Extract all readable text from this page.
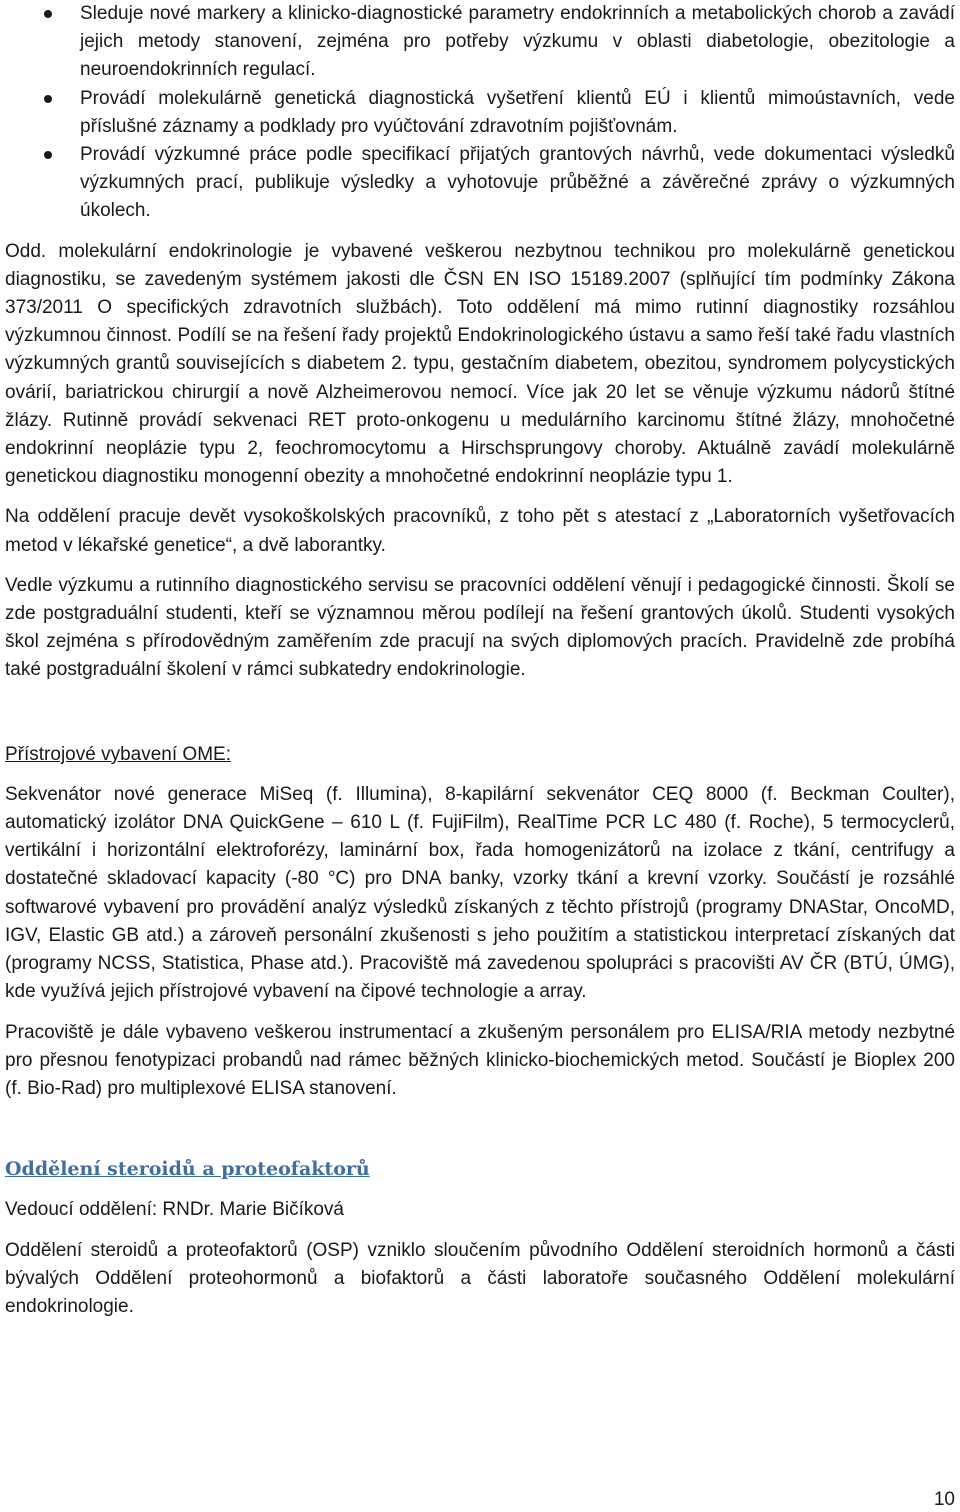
Sleduje nové markery a klinicko-diagnostické parametry endokrinních a metabolických chorob a zavádí jejich metody stanovení, zejména pro potřeby výzkumu v oblasti diabetologie, obezitologie a neuroendokrinních regulací.
Provádí molekulárně genetická diagnostická vyšetření klientů EÚ i klientů mimoústavních, vede příslušné záznamy a podklady pro vyúčtování zdravotním pojišťovnám.
Provádí výzkumné práce podle specifikací přijatých grantových návrhů, vede dokumentaci výsledků výzkumných prací, publikuje výsledky a vyhotovuje průběžné a závěrečné zprávy o výzkumných úkolech.

Odd. molekulární endokrinologie je vybavené veškerou nezbytnou technikou pro molekulárně genetickou diagnostiku, se zavedeným systémem jakosti dle ČSN EN ISO 15189.2007 (splňující tím podmínky Zákona 373/2011 O specifických zdravotních službách). Toto oddělení má mimo rutinní diagnostiky rozsáhlou výzkumnou činnost. Podílí se na řešení řady projektů Endokrinologického ústavu a samo řeší také řadu vlastních výzkumných grantů souvisejících s diabetem 2. typu, gestačním diabetem, obezitou, syndromem polycystických ovárií, bariatrickou chirurgií a nově Alzheimerovou nemocí. Více jak 20 let se věnuje výzkumu nádorů štítné žlázy. Rutinně provádí sekvenaci RET proto-onkogenu u medulárního karcinomu štítné žlázy, mnohočetné endokrinní neoplázie typu 2, feochromocytomu a Hirschsprungovy choroby. Aktuálně zavádí molekulárně genetickou diagnostiku monogenní obezity a mnohočetné endokrinní neoplázie typu 1.

Na oddělení pracuje devět vysokoškolských pracovníků, z toho pět s atestací z „Laboratorních vyšetřovacích metod v lékařské genetice“, a dvě laborantky.

Vedle výzkumu a rutinního diagnostického servisu se pracovníci oddělení věnují i pedagogické činnosti. Školí se zde postgraduální studenti, kteří se významnou měrou podílejí na řešení grantových úkolů. Studenti vysokých škol zejména s přírodovědným zaměřením zde pracují na svých diplomových pracích. Pravidelně zde probíhá také postgraduální školení v rámci subkatedry endokrinologie.

Přístrojové vybavení OME:

Sekvenátor nové generace MiSeq (f. Illumina), 8-kapilární sekvenátor CEQ 8000 (f. Beckman Coulter), automatický izolátor DNA QuickGene – 610 L (f. FujiFilm), RealTime PCR LC 480 (f. Roche), 5 termocyclerů, vertikální i horizontální elektroforézy, laminární box, řada homogenizátorů na izolace z tkání, centrifugy a dostatečné skladovací kapacity (-80 °C) pro DNA banky, vzorky tkání a krevní vzorky. Součástí je rozsáhlé softwarové vybavení pro provádění analýz výsledků získaných z těchto přístrojů (programy DNAStar, OncoMD, IGV, Elastic GB atd.) a zároveň personální zkušenosti s jeho použitím a statistickou interpretací získaných dat (programy NCSS, Statistica, Phase atd.). Pracoviště má zavedenou spolupráci s pracovišti AV ČR (BTÚ, ÚMG), kde využívá jejich přístrojové vybavení na čipové technologie a array.

Pracoviště je dále vybaveno veškerou instrumentací a zkušeným personálem pro ELISA/RIA metody nezbytné pro přesnou fenotypizaci probandů nad rámec běžných klinicko-biochemických metod. Součástí je Bioplex 200 (f. Bio-Rad) pro multiplexové ELISA stanovení.

Oddělení steroidů a proteofaktorů

Vedoucí oddělení: RNDr. Marie Bičíková

Oddělení steroidů a proteofaktorů (OSP) vzniklo sloučením původního Oddělení steroidních hormonů a části bývalých Oddělení proteohormonů a biofaktorů a části laboratoře současného Oddělení molekulární endokrinologie.

10
